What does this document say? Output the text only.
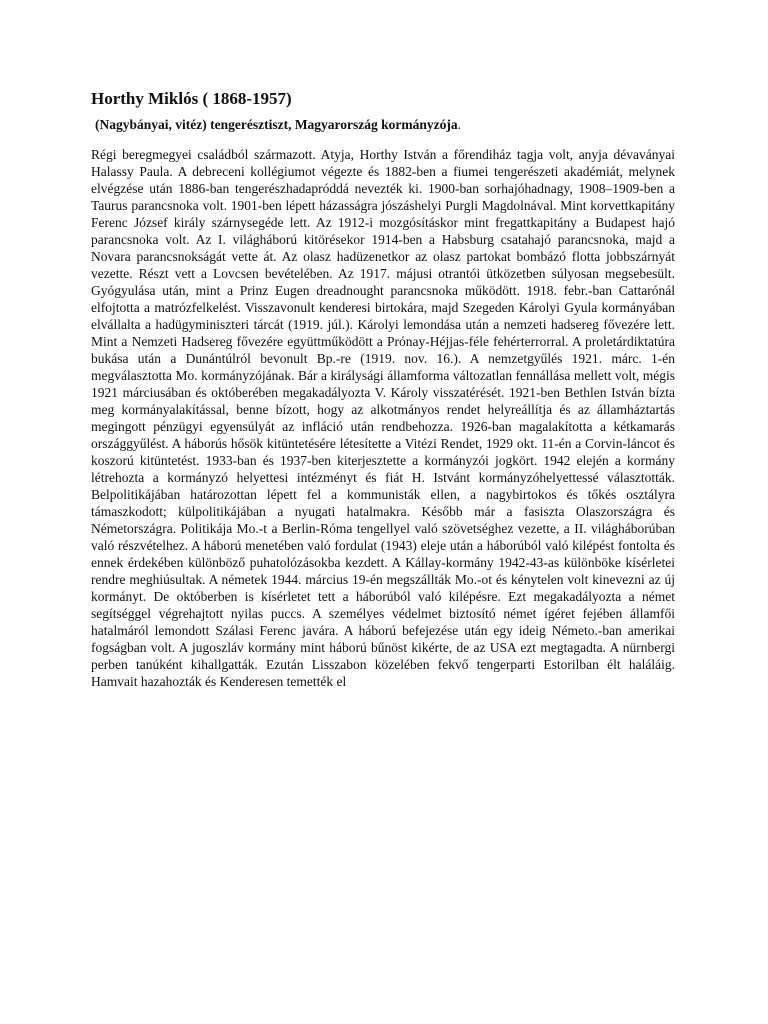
Horthy Miklós ( 1868-1957)

(Nagybányai, vitéz) tengerésztiszt, Magyarország kormányzója.

Régi beregmegyei családból származott. Atyja, Horthy István a főrendiház tagja volt, anyja dévaványai Halassy Paula. A debreceni kollégiumot végezte és 1882-ben a fiumei tengerészeti akadémiát, melynek elvégzése után 1886-ban tengerészhadapróddá nevezték ki. 1900-ban sorhajóhadnagy, 1908–1909-ben a Taurus parancsnoka volt. 1901-ben lépett házasságra jószáshelyi Purgli Magdolnával. Mint korvettkapitány Ferenc József király szárnysegéde lett. Az 1912-i mozgósításkor mint fregattkapitány a Budapest hajó parancsnoka volt. Az I. világháború kitörésekor 1914-ben a Habsburg csatahajó parancsnoka, majd a Novara parancsnokságát vette át. Az olasz hadüzenetkor az olasz partokat bombázó flotta jobbszárnyát vezette. Részt vett a Lovcsen bevételében. Az 1917. májusi otrantói ütközetben súlyosan megsebesült. Gyógyulása után, mint a Prinz Eugen dreadnought parancsnoka működött. 1918. febr.-ban Cattarónál elfojtotta a matrózfelkelést. Visszavonult kenderesi birtokára, majd Szegeden Károlyi Gyula kormányában elvállalta a hadügyminiszteri tárcát (1919. júl.). Károlyi lemondása után a nemzeti hadsereg fővezére lett. Mint a Nemzeti Hadsereg fővezére együttműködött a Prónay-Héjjas-féle fehérterrorral. A proletárdiktatúra bukása után a Dunántúlról bevonult Bp.-re (1919. nov. 16.). A nemzetgyűlés 1921. márc. 1-én megválasztotta Mo. kormányzójának. Bár a királysági államforma változatlan fennállása mellett volt, mégis 1921 márciusában és októberében megakadályozta V. Károly visszatérését. 1921-ben Bethlen István bízta meg kormányalakítással, benne bízott, hogy az alkotmányos rendet helyreállítja és az államháztartás megingott pénzügyi egyensúlyát az infláció után rendbehozza. 1926-ban magalakította a kétkamarás országgyűlést. A háborús hősök kitüntetésére létesítette a Vitézi Rendet, 1929 okt. 11-én a Corvin-láncot és koszorú kitüntetést. 1933-ban és 1937-ben kiterjesztette a kormányzói jogkört. 1942 elején a kormány létrehozta a kormányzó helyettesi intézményt és fiát H. Istvánt kormányzóhelyettessé választották. Belpolitikájában határozottan lépett fel a kommunisták ellen, a nagybirtokos és tőkés osztályra támaszkodott; külpolitikájában a nyugati hatalmakra. Később már a fasiszta Olaszországra és Németországra. Politikája Mo.-t a Berlin-Róma tengellyel való szövetséghez vezette, a II. világháborúban való részvételhez. A háború menetében való fordulat (1943) eleje után a háborúból való kilépést fontolta és ennek érdekében különböző puhatolózásokba kezdett. A Kállay-kormány 1942-43-as különböke kísérletei rendre meghiúsultak. A németek 1944. március 19-én megszállták Mo.-ot és kénytelen volt kinevezni az új kormányt. De októberben is kísérletet tett a háborúból való kilépésre. Ezt megakadályozta a német segítséggel végrehajtott nyilas puccs. A személyes védelmet biztosító német ígéret fejében államfői hatalmáról lemondott Szálasi Ferenc javára. A háború befejezése után egy ideig Németo.-ban amerikai fogságban volt. A jugoszláv kormány mint háború bűnöst kikérte, de az USA ezt megtagadta. A nürnbergi perben tanúként kihallgatták. Ezután Lisszabon közelében fekvő tengerparti Estorilban élt haláláig. Hamvait hazahozták és Kenderesen temették el
